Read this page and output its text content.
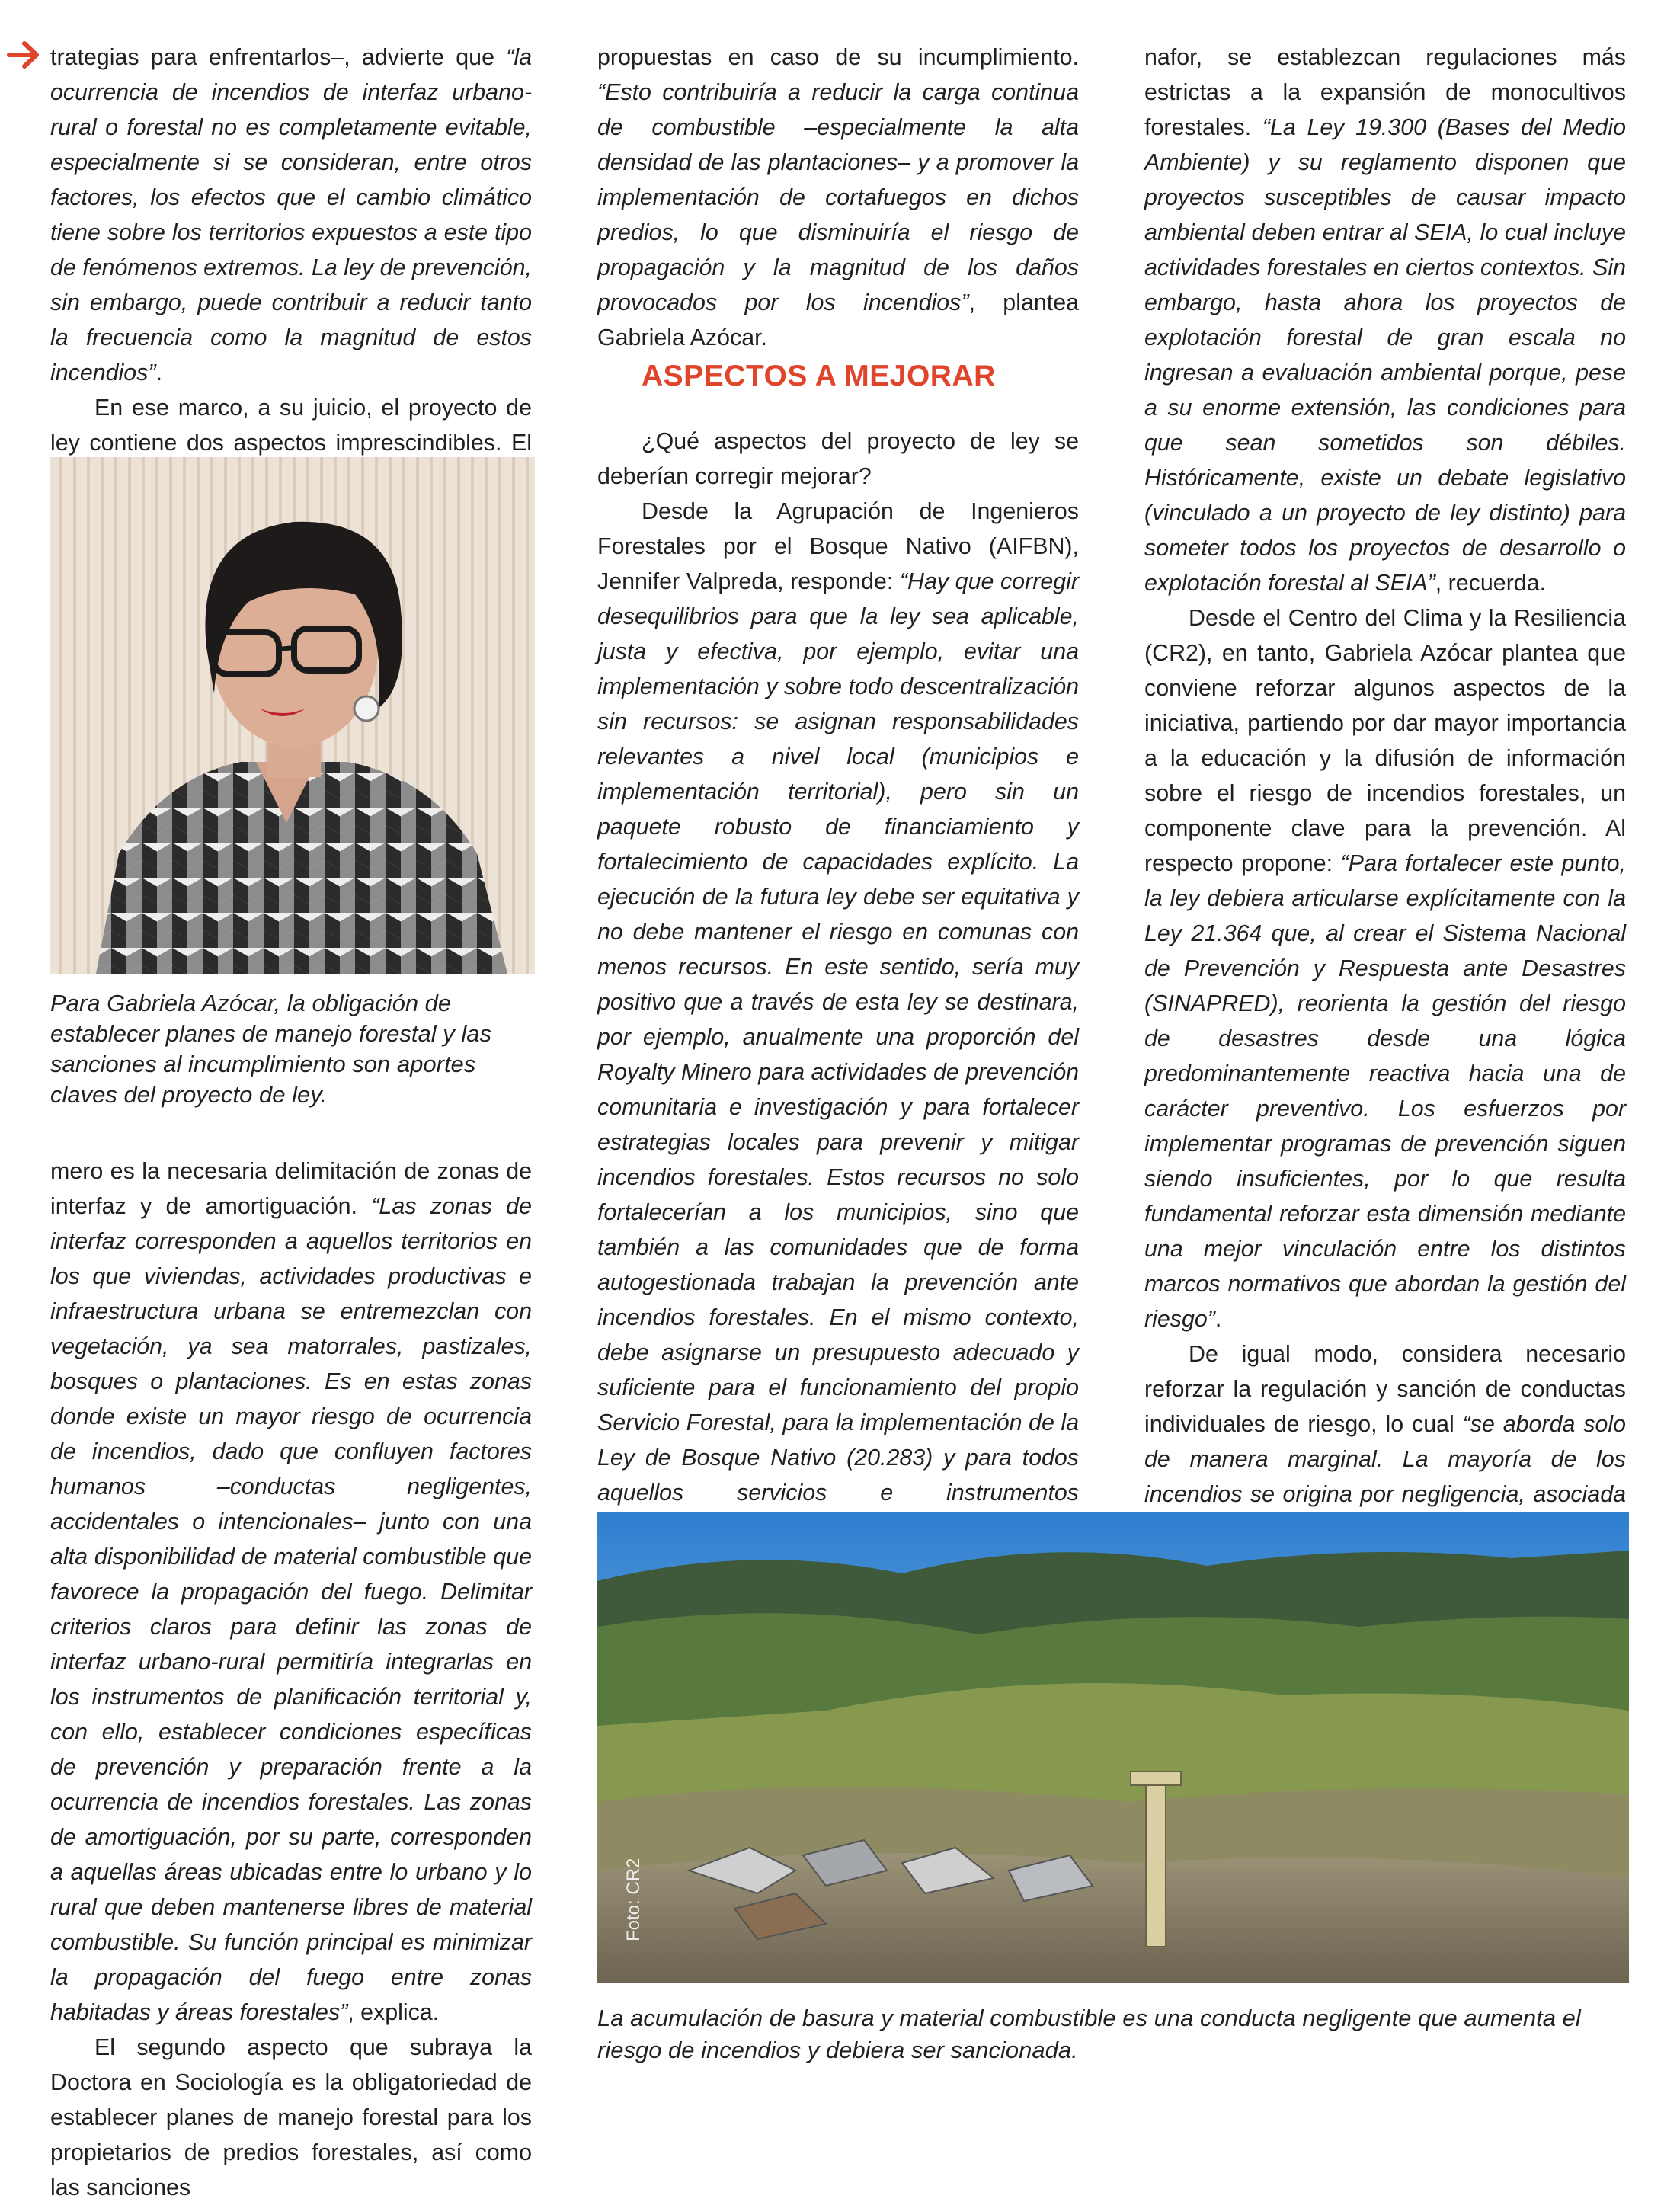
trategias para enfrentarlos–, advierte que “la ocurrencia de incendios de interfaz urbano-rural o forestal no es completamente evitable, especialmente si se consideran, entre otros factores, los efectos que el cambio climático tiene sobre los territorios expuestos a este tipo de fenómenos extremos. La ley de prevención, sin embargo, puede contribuir a reducir tanto la frecuencia como la magnitud de estos incendios”.

En ese marco, a su juicio, el proyecto de ley contiene dos aspectos imprescindibles. El

Para Gabriela Azócar, la obligación de establecer planes de manejo forestal y las sanciones al incumplimiento son aportes claves del proyecto de ley.

mero es la necesaria delimitación de zonas de interfaz y de amortiguación. “Las zonas de interfaz corresponden a aquellos territorios en los que viviendas, actividades productivas e infraestructura urbana se entremezclan con vegetación, ya sea matorrales, pastizales, bosques o plantaciones. Es en estas zonas donde existe un mayor riesgo de ocurrencia de incendios, dado que confluyen factores humanos –conductas negligentes, accidentales o intencionales– junto con una alta disponibilidad de material combustible que favorece la propagación del fuego. Delimitar criterios claros para definir las zonas de interfaz urbano-rural permitiría integrarlas en los instrumentos de planificación territorial y, con ello, establecer condiciones específicas de prevención y preparación frente a la ocurrencia de incendios forestales. Las zonas de amortiguación, por su parte, corresponden a aquellas áreas ubicadas entre lo urbano y lo rural que deben mantenerse libres de material combustible. Su función principal es minimizar la propagación del fuego entre zonas habitadas y áreas forestales”, explica.

El segundo aspecto que subraya la Doctora en Sociología es la obligatoriedad de establecer planes de manejo forestal para los propietarios de predios forestales, así como las sanciones

propuestas en caso de su incumplimiento. “Esto contribuiría a reducir la carga continua de combustible –especialmente la alta densidad de las plantaciones– y a promover la implementación de cortafuegos en dichos predios, lo que disminuiría el riesgo de propagación y la magnitud de los daños provocados por los incendios”, plantea Gabriela Azócar.

ASPECTOS A MEJORAR

¿Qué aspectos del proyecto de ley se deberían corregir mejorar?

Desde la Agrupación de Ingenieros Forestales por el Bosque Nativo (AIFBN), Jennifer Valpreda, responde: “Hay que corregir desequilibrios para que la ley sea aplicable, justa y efectiva, por ejemplo, evitar una implementación y sobre todo descentralización sin recursos: se asignan responsabilidades relevantes a nivel local (municipios e implementación territorial), pero sin un paquete robusto de financiamiento y fortalecimiento de capacidades explícito. La ejecución de la futura ley debe ser equitativa y no debe mantener el riesgo en comunas con menos recursos. En este sentido, sería muy positivo que a través de esta ley se destinara, por ejemplo, anualmente una proporción del Royalty Minero para actividades de prevención comunitaria e investigación y para fortalecer estrategias locales para prevenir y mitigar incendios forestales. Estos recursos no solo fortalecerían a los municipios, sino que también a las comunidades que de forma autogestionada trabajan la prevención ante incendios forestales. En el mismo contexto, debe asignarse un presupuesto adecuado y suficiente para el funcionamiento del propio Servicio Forestal, para la implementación de la Ley de Bosque Nativo (20.283) y para todos aquellos servicios e instrumentos

nafor, se establezcan regulaciones más estrictas a la expansión de monocultivos forestales. “La Ley 19.300 (Bases del Medio Ambiente) y su reglamento disponen que proyectos susceptibles de causar impacto ambiental deben entrar al SEIA, lo cual incluye actividades forestales en ciertos contextos. Sin embargo, hasta ahora los proyectos de explotación forestal de gran escala no ingresan a evaluación ambiental porque, pese a su enorme extensión, las condiciones para que sean sometidos son débiles. Históricamente, existe un debate legislativo (vinculado a un proyecto de ley distinto) para someter todos los proyectos de desarrollo o explotación forestal al SEIA”, recuerda.

Desde el Centro del Clima y la Resiliencia (CR2), en tanto, Gabriela Azócar plantea que conviene reforzar algunos aspectos de la iniciativa, partiendo por dar mayor importancia a la educación y la difusión de información sobre el riesgo de incendios forestales, un componente clave para la prevención. Al respecto propone: “Para fortalecer este punto, la ley debiera articularse explícitamente con la Ley 21.364 que, al crear el Sistema Nacional de Prevención y Respuesta ante Desastres (SINAPRED), reorienta la gestión del riesgo de desastres desde una lógica predominantemente reactiva hacia una de carácter preventivo. Los esfuerzos por implementar programas de prevención siguen siendo insuficientes, por lo que resulta fundamental reforzar esta dimensión mediante una mejor vinculación entre los distintos marcos normativos que abordan la gestión del riesgo”.

De igual modo, considera necesario reforzar la regulación y sanción de conductas individuales de riesgo, lo cual “se aborda solo de manera marginal. La mayoría de los incendios se origina por negligencia, asociada

Foto: CR2
La acumulación de basura y material combustible es una conducta negligente que aumenta el riesgo de incendios y debiera ser sancionada.
